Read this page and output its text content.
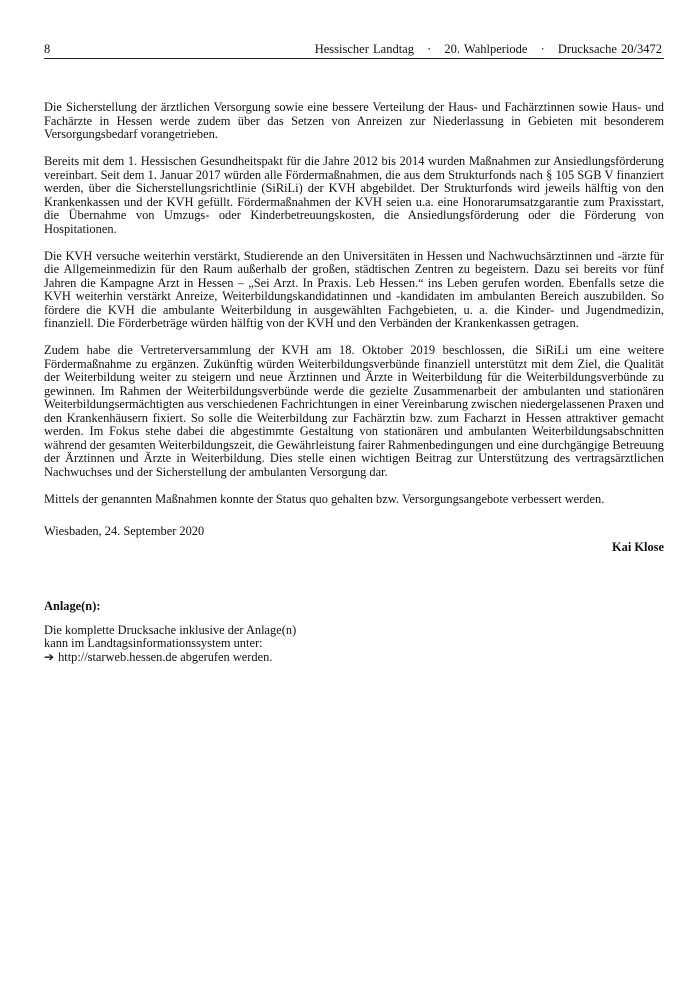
8	Hessischer Landtag · 20. Wahlperiode · Drucksache 20/3472

Die Sicherstellung der ärztlichen Versorgung sowie eine bessere Verteilung der Haus- und Fachärztinnen sowie Haus- und Fachärzte in Hessen werde zudem über das Setzen von Anreizen zur Niederlassung in Gebieten mit besonderem Versorgungsbedarf vorangetrieben.

Bereits mit dem 1. Hessischen Gesundheitspakt für die Jahre 2012 bis 2014 wurden Maßnahmen zur Ansiedlungsförderung vereinbart. Seit dem 1. Januar 2017 würden alle Fördermaßnahmen, die aus dem Strukturfonds nach § 105 SGB V finanziert werden, über die Sicherstellungsrichtlinie (SiRiLi) der KVH abgebildet. Der Strukturfonds wird jeweils hälftig von den Krankenkassen und der KVH gefüllt. Fördermaßnahmen der KVH seien u.a. eine Honorarumsatzgarantie zum Praxisstart, die Übernahme von Umzugs- oder Kinderbetreuungskosten, die Ansiedlungsförderung oder die Förderung von Hospitationen.

Die KVH versuche weiterhin verstärkt, Studierende an den Universitäten in Hessen und Nachwuchsärztinnen und -ärzte für die Allgemeinmedizin für den Raum außerhalb der großen, städtischen Zentren zu begeistern. Dazu sei bereits vor fünf Jahren die Kampagne Arzt in Hessen – „Sei Arzt. In Praxis. Leb Hessen.“ ins Leben gerufen worden. Ebenfalls setze die KVH weiterhin verstärkt Anreize, Weiterbildungskandidatinnen und -kandidaten im ambulanten Bereich auszubilden. So fördere die KVH die ambulante Weiterbildung in ausgewählten Fachgebieten, u. a. die Kinder- und Jugendmedizin, finanziell. Die Förderbeträge würden hälftig von der KVH und den Verbänden der Krankenkassen getragen.

Zudem habe die Vertreterversammlung der KVH am 18. Oktober 2019 beschlossen, die SiRiLi um eine weitere Fördermaßnahme zu ergänzen. Zukünftig würden Weiterbildungsverbünde finanziell unterstützt mit dem Ziel, die Qualität der Weiterbildung weiter zu steigern und neue Ärztinnen und Ärzte in Weiterbildung für die Weiterbildungsverbünde zu gewinnen. Im Rahmen der Weiterbildungsverbünde werde die gezielte Zusammenarbeit der ambulanten und stationären Weiterbildungsermächtigten aus verschiedenen Fachrichtungen in einer Vereinbarung zwischen niedergelassenen Praxen und den Krankenhäusern fixiert. So solle die Weiterbildung zur Fachärztin bzw. zum Facharzt in Hessen attraktiver gemacht werden. Im Fokus stehe dabei die abgestimmte Gestaltung von stationären und ambulanten Weiterbildungsabschnitten während der gesamten Weiterbildungszeit, die Gewährleistung fairer Rahmenbedingungen und eine durchgängige Betreuung der Ärztinnen und Ärzte in Weiterbildung. Dies stelle einen wichtigen Beitrag zur Unterstützung des vertragsärztlichen Nachwuchses und der Sicherstellung der ambulanten Versorgung dar.

Mittels der genannten Maßnahmen konnte der Status quo gehalten bzw. Versorgungsangebote verbessert werden.

Wiesbaden, 24. September 2020
Kai Klose
Anlage(n):
Die komplette Drucksache inklusive der Anlage(n)
kann im Landtagsinformationssystem unter:
➔ http://starweb.hessen.de abgerufen werden.
